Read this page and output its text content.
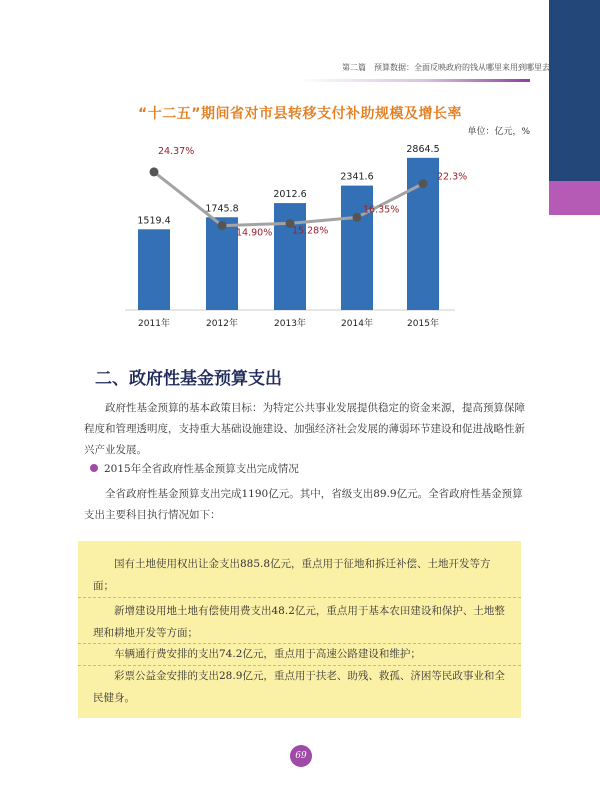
第二篇　预算数据：全面反映政府的钱从哪里来用到哪里去
“十二五”期间省对市县转移支付补助规模及增长率
单位：亿元，%
1519.4
1745.8
2012.6
2341.6
2864.5
2011年	2012年	2013年	2014年	2015年
24.37%
14.90% 15.28%
16.35%
22.3%
二、政府性基金预算支出

政府性基金预算的基本政策目标：为特定公共事业发展提供稳定的资金来源，提高预算保障程度和管理透明度，支持重大基础设施建设、加强经济社会发展的薄弱环节建设和促进战略性新兴产业发展。

2015年全省政府性基金预算支出完成情况

全省政府性基金预算支出完成1190亿元。其中，省级支出89.9亿元。全省政府性基金预算支出主要科目执行情况如下：

国有土地使用权出让金支出885.8亿元，重点用于征地和拆迁补偿、土地开发等方面；

新增建设用地土地有偿使用费支出48.2亿元，重点用于基本农田建设和保护、土地整理和耕地开发等方面；

车辆通行费安排的支出74.2亿元，重点用于高速公路建设和维护；

彩票公益金安排的支出28.9亿元，重点用于扶老、助残、救孤、济困等民政事业和全民健身。

69
